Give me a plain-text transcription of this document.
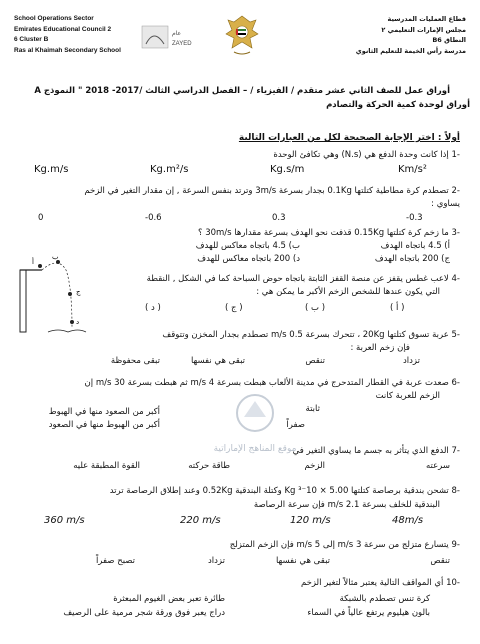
School Operations Sector
Emirates Educational Council 2
6 Cluster B
Ras al Khaimah Secondary School
عام
ZAYED
قطاع العمليات المدرسية
مجلس الإمارات التعليمي ٢
النطاق B6
مدرسة رأس الخيمة للتعليم الثانوي
أوراق عمل للصف الثاني عشر متقدم / الفيزياء / – الفصل الدراسي الثالث /2017- 2018 " النموذج A
أوراق لوحدة كمية الحركة والتصادم
أولاً : اختر الإجابة الصحيحة لكل من العبارات التالية
-1 إذا كانت وحدة الدفع هي (N.s) وهي تكافئ الوحدة
Kg.m/s	Kg.m²/s	Kg.s/m	Km/s²
-2 تصطدم كرة مطاطية كتلتها 0.1Kg بجدار بسرعة 3m/s وترتد بنفس السرعة , إن مقدار التغير في الزخم
يساوي :
-0.3
0.3
-0.6
0
-3 ما زخم كرة كتلتها 0.15Kg قذفت نحو الهدف بسرعة مقدارها 30m/s ؟
أ) 4.5 باتجاه الهدف
ب) 4.5 باتجاه معاكس للهدف
ج) 200 باتجاه الهدف
د) 200 باتجاه معاكس للهدف
-4 لاعب غطس يقفز عن منصة القفز الثابتة باتجاه حوض السباحة كما في الشكل , النقطة
التي يكون عندها للشخص الزخم الأكبر ما يمكن هي :
( أ )
( ب )
( ج )
( د )
أ
ب
ج
د
-5 عربة تسوق كتلتها 20Kg ، تتحرك بسرعة 0.5 m/s تصطدم بجدار المخزن وتتوقف
فإن زخم العربة :
تزداد
تنقص
تبقى هي نفسها
تبقى محفوظة
-6 صعدت عربة في القطار المتدحرج في مدينة الألعاب هبطت بسرعة 4 m/s ثم هبطت بسرعة 30 m/s إن
الزخم للعربة كانت
ثابتة
أكبر من الصعود منها في الهبوط
صفراً
أكبر من الهبوط منها في الصعود
-7 الدفع الذي يتأثر به جسم ما يساوي التغير في
سرعته
الزخم
طاقة حركته
القوة المطبقة عليه
-8 تشحن بندقية برصاصة كتلتها 5.00 × 10⁻³ Kg وكتلة البندقية 0.52Kg وعند إطلاق الرصاصة ترتد
البندقية للخلف بسرعة 2.1 m/s فإن سرعة الرصاصة
360 m/s	220 m/s	120 m/s	48m/s
-9 يتسارع متزلج من سرعة 3 m/s إلى 5 m/s فإن الزخم المتزلج
تنقص
تبقى هي نفسها
تزداد
تصبح صفراً
-10 أي المواقف التالية يعتبر مثالاً لتغير الزخم
كرة تنس تصطدم بالشبكة
طائرة تعبر بعض الغيوم المبعثرة
بالون هيليوم يرتفع عالياً في السماء
دراج يعبر فوق ورقة شجر مرمية على الرصيف
موقع المناهج الإماراتية
